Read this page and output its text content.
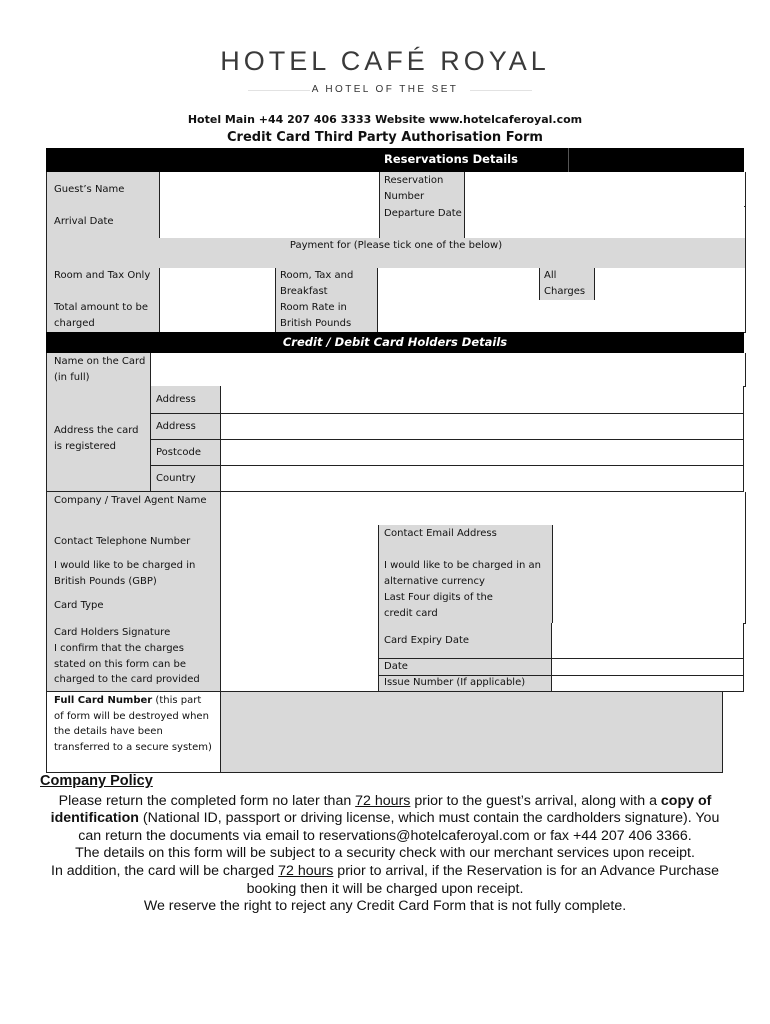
HOTEL CAFÉ ROYAL
A HOTEL OF THE SET
Hotel Main +44 207 406 3333 Website www.hotelcaferoyal.com
Credit Card Third Party Authorisation Form
Reservations Details
Guest’s Name
Reservation Number
Arrival Date
Departure Date
Payment for (Please tick one of the below)
Room and Tax Only	Room, Tax and Breakfast
All Charges
Total amount to be charged
Room Rate in British Pounds
Credit / Debit Card Holders Details
Name on the Card (in full)
Address the card is registered
Address
Address
Postcode
Country
Company / Travel Agent Name
Contact Telephone Number
Contact Email Address
I would like to be charged in British Pounds (GBP)
I would like to be charged in an alternative currency
Card Type
Last Four digits of the credit card
Card Holders Signature
I confirm that the charges stated on this form can be charged to the card provided
Card Expiry Date
Date
Issue Number (If applicable)
Full Card Number (this part of form will be destroyed when the details have been transferred to a secure system)
Company Policy
Please return the completed form no later than 72 hours prior to the guest’s arrival, along with a copy of identification (National ID, passport or driving license, which must contain the cardholders signature). You can return the documents via email to reservations@hotelcaferoyal.com or fax +44 207 406 3366.
The details on this form will be subject to a security check with our merchant services upon receipt.
In addition, the card will be charged 72 hours prior to arrival, if the Reservation is for an Advance Purchase booking then it will be charged upon receipt.
We reserve the right to reject any Credit Card Form that is not fully complete.
